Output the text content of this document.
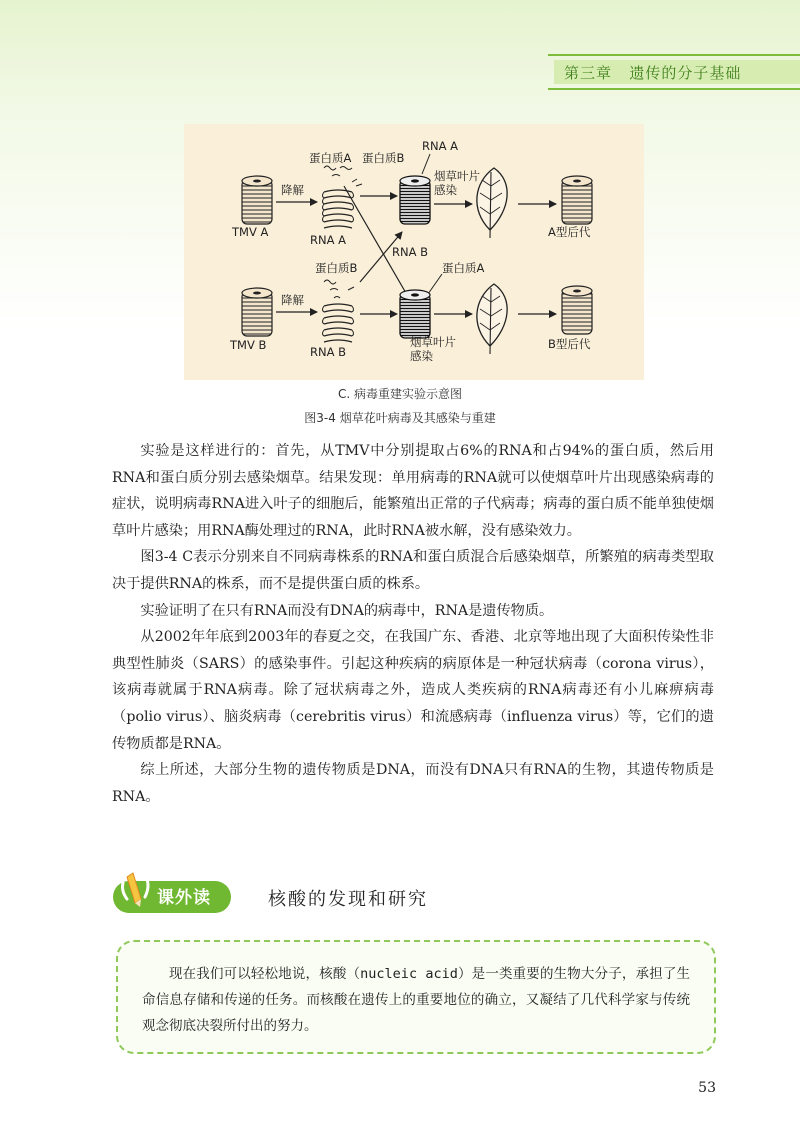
第三章
遗传的分子基础
TMV A
降解
RNA A
蛋白质A 蛋白质B
RNA A
烟草叶片
感染
A型后代
RNA B
蛋白质B	蛋白质A
TMV B
降解
RNA B
烟草叶片
感染
B型后代
C. 病毒重建实验示意图
图3-4 烟草花叶病毒及其感染与重建

实验是这样进行的：首先，从TMV中分别提取占6%的RNA和占94%的蛋白质，然后用RNA和蛋白质分别去感染烟草。结果发现：单用病毒的RNA就可以使烟草叶片出现感染病毒的症状，说明病毒RNA进入叶子的细胞后，能繁殖出正常的子代病毒；病毒的蛋白质不能单独使烟草叶片感染；用RNA酶处理过的RNA，此时RNA被水解，没有感染效力。

图3-4 C表示分别来自不同病毒株系的RNA和蛋白质混合后感染烟草，所繁殖的病毒类型取决于提供RNA的株系，而不是提供蛋白质的株系。

实验证明了在只有RNA而没有DNA的病毒中，RNA是遗传物质。

从2002年年底到2003年的春夏之交，在我国广东、香港、北京等地出现了大面积传染性非典型性肺炎（SARS）的感染事件。引起这种疾病的病原体是一种冠状病毒（corona virus），该病毒就属于RNA病毒。除了冠状病毒之外，造成人类疾病的RNA病毒还有小儿麻痹病毒（polio virus）、脑炎病毒（cerebritis virus）和流感病毒（influenza virus）等，它们的遗传物质都是RNA。

综上所述，大部分生物的遗传物质是DNA，而没有DNA只有RNA的生物，其遗传物质是RNA。

课外读	核酸的发现和研究

现在我们可以轻松地说，核酸（nucleic acid）是一类重要的生物大分子，承担了生命信息存储和传递的任务。而核酸在遗传上的重要地位的确立，又凝结了几代科学家与传统观念彻底决裂所付出的努力。

53
